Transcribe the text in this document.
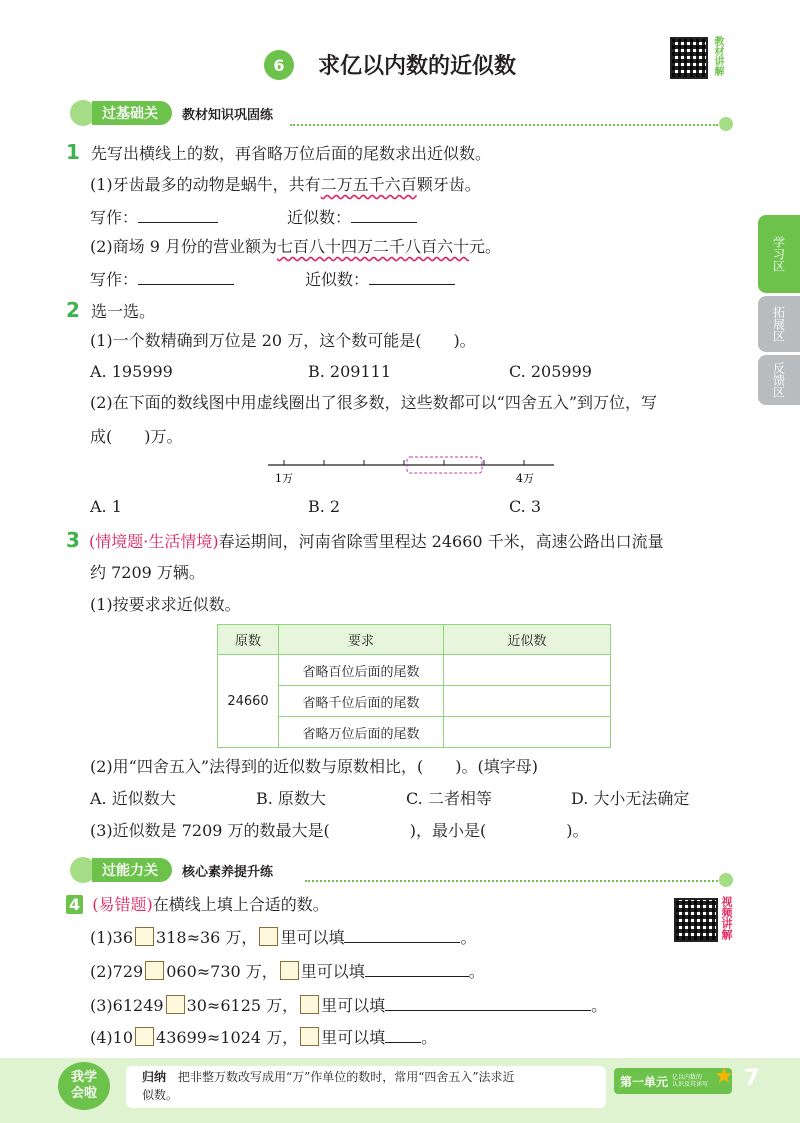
6 求亿以内数的近似数	教材讲解
过基础关	教材知识巩固练
学习区
拓展区
反馈区
1 先写出横线上的数，再省略万位后面的尾数求出近似数。
(1)牙齿最多的动物是蜗牛，共有二万五千六百颗牙齿。
写作：	近似数：
(2)商场 9 月份的营业额为七百八十四万二千八百六十元。
写作：	近似数：
2 选一选。
(1)一个数精确到万位是 20 万，这个数可能是(　　)。
A. 195999	B. 209111	C. 205999
(2)在下面的数线图中用虚线圈出了很多数，这些数都可以“四舍五入”到万位，写
成(　　)万。
1万	4万
A. 1	B. 2	C. 3
3 (情境题·生活情境)春运期间，河南省除雪里程达 24660 千米，高速公路出口流量
约 7209 万辆。
(1)按要求求近似数。
原数	要求	近似数
24660	省略百位后面的尾数	
	省略千位后面的尾数	
	省略万位后面的尾数	
(2)用“四舍五入”法得到的近似数与原数相比，(　　)。(填字母)
A. 近似数大	B. 原数大	C. 二者相等	D. 大小无法确定
(3)近似数是 7209 万的数最大是(　　　　　)，最小是(　　　　　)。
过能力关	核心素养提升练
4 (易错题)在横线上填上合适的数。	视频讲解
(1)36 318≈36 万， 里可以填	。
(2)729 060≈730 万， 里可以填	。
(3)61249 30≈6125 万， 里可以填	。
(4)10 43699≈1024 万， 里可以填 。
我学
会啦
归纳 把非整万数改写成用“万”作单位的数时，常用“四舍五入”法求近
似数。
第一单元 亿以内数的
认识及其读写 ★ 7
